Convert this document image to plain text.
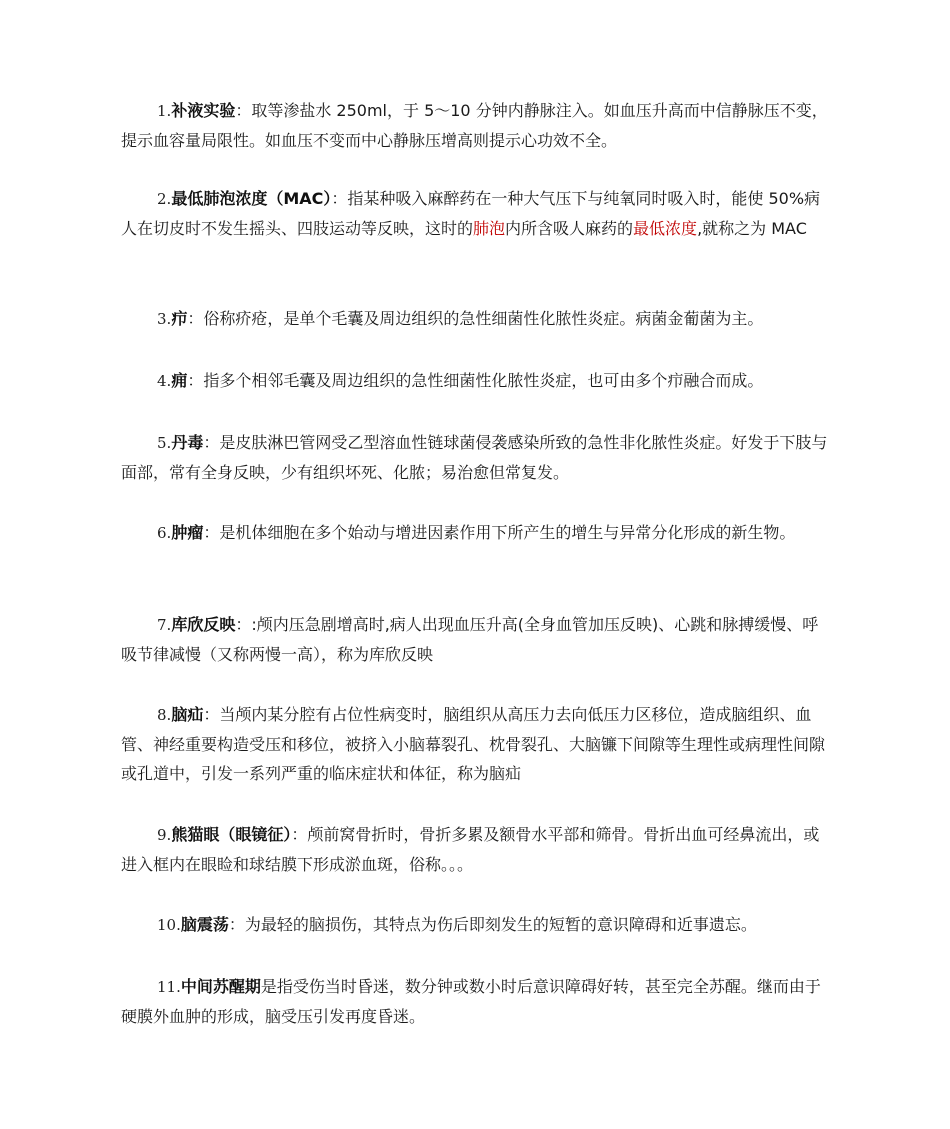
1.补液实验：取等渗盐水 250ml，于 5～10 分钟内静脉注入。如血压升高而中信静脉压不变，提示血容量局限性。如血压不变而中心静脉压增高则提示心功效不全。

2.最低肺泡浓度（MAC）：指某种吸入麻醉药在一种大气压下与纯氧同时吸入时，能使 50%病人在切皮时不发生摇头、四肢运动等反映，这时的肺泡内所含吸人麻药的最低浓度,就称之为 MAC

3.疖：俗称疥疮，是单个毛囊及周边组织的急性细菌性化脓性炎症。病菌金葡菌为主。

4.痈：指多个相邻毛囊及周边组织的急性细菌性化脓性炎症，也可由多个疖融合而成。

5.丹毒：是皮肤淋巴管网受乙型溶血性链球菌侵袭感染所致的急性非化脓性炎症。好发于下肢与面部，常有全身反映，少有组织坏死、化脓；易治愈但常复发。

6.肿瘤：是机体细胞在多个始动与增进因素作用下所产生的增生与异常分化形成的新生物。

7.库欣反映：:颅内压急剧增高时,病人出现血压升高(全身血管加压反映)、心跳和脉搏缓慢、呼吸节律减慢（又称两慢一高），称为库欣反映

8.脑疝：当颅内某分腔有占位性病变时，脑组织从高压力去向低压力区移位，造成脑组织、血管、神经重要构造受压和移位，被挤入小脑幕裂孔、枕骨裂孔、大脑镰下间隙等生理性或病理性间隙或孔道中，引发一系列严重的临床症状和体征，称为脑疝

9.熊猫眼（眼镜征）：颅前窝骨折时，骨折多累及额骨水平部和筛骨。骨折出血可经鼻流出，或进入框内在眼睑和球结膜下形成淤血斑，俗称。。。

10.脑震荡：为最轻的脑损伤，其特点为伤后即刻发生的短暂的意识障碍和近事遗忘。

11.中间苏醒期是指受伤当时昏迷，数分钟或数小时后意识障碍好转，甚至完全苏醒。继而由于硬膜外血肿的形成，脑受压引发再度昏迷。
